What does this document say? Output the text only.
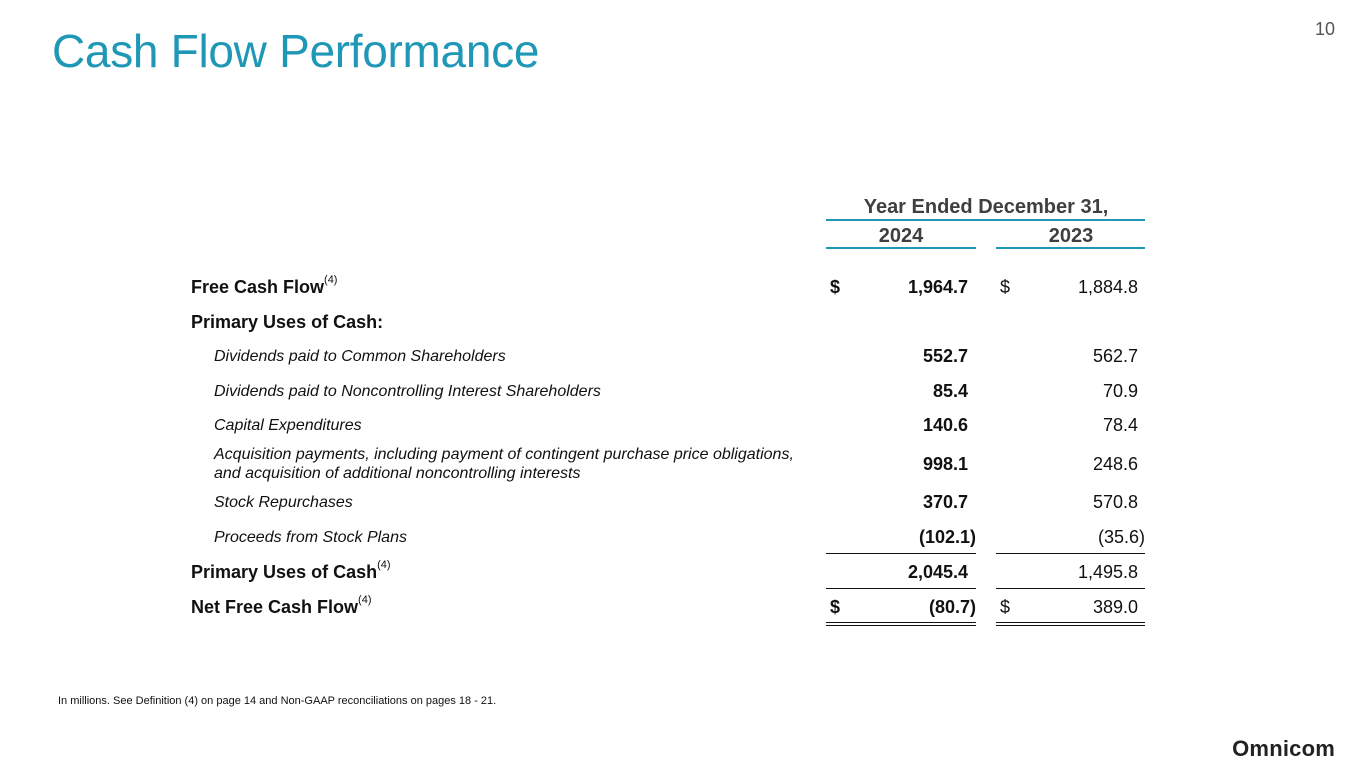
Cash Flow Performance	10
Year Ended December 31,
2024	2023
Free Cash Flow$^{(4)}$	$	1,964.7 $	1,884.8
Primary Uses of Cash:
Dividends paid to Common Shareholders	552.7	562.7
Dividends paid to Noncontrolling Interest Shareholders	85.4	70.9
Capital Expenditures	140.6	78.4
Acquisition payments, including payment of contingent purchase price obligations,
and acquisition of additional noncontrolling interests	998.1	248.6
Stock Repurchases	370.7	570.8
Proceeds from Stock Plans	(102.1)	(35.6)
Primary Uses of Cash$^{(4)}$	2,045.4	1,495.8
Net Free Cash Flow$^{(4)}$	$	(80.7) $	389.0
In millions. See Definition (4) on page 14 and Non-GAAP reconciliations on pages 18 - 21.
Omnicom
